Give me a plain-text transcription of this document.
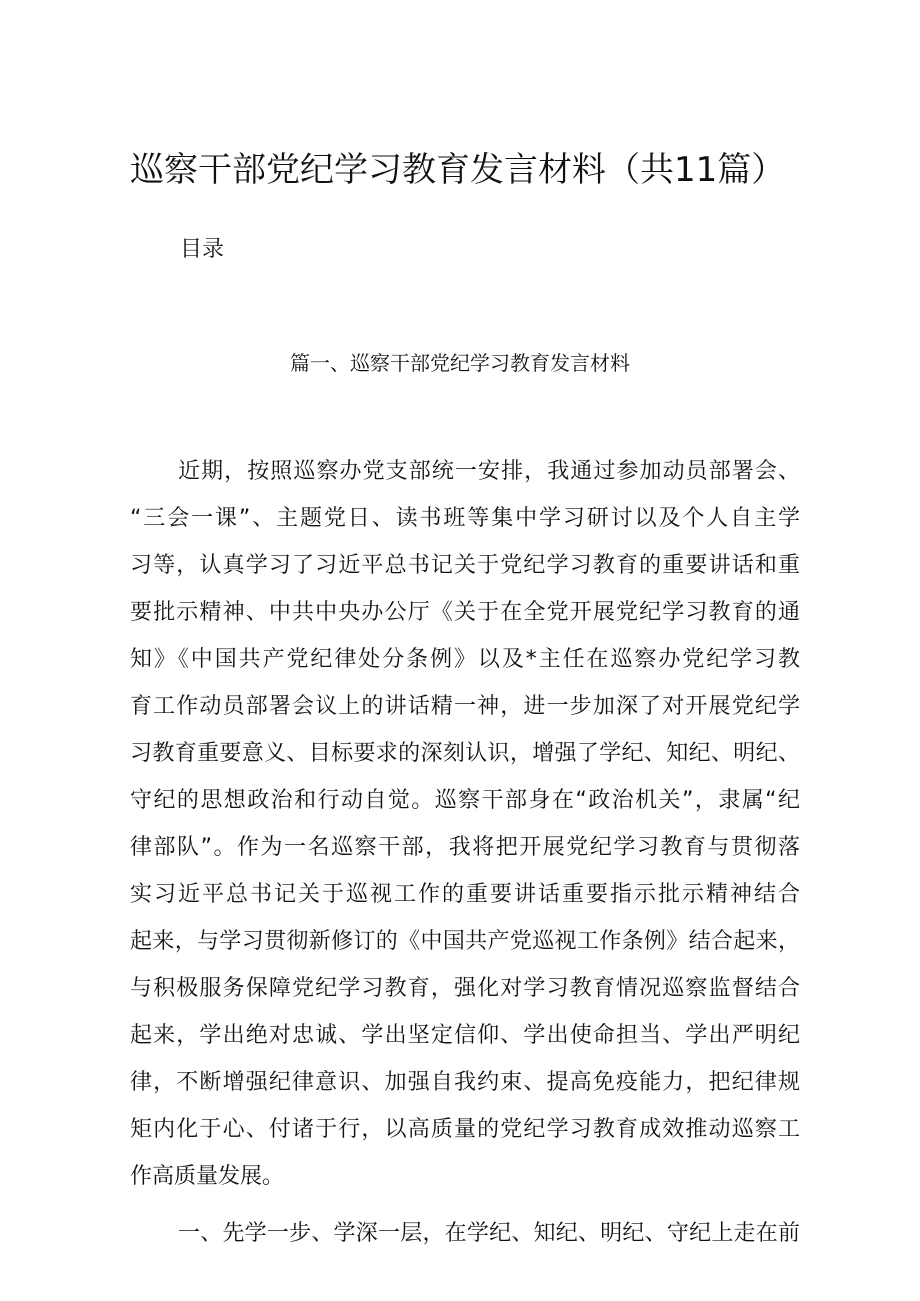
巡察干部党纪学习教育发言材料（共11篇）
目录
篇一、巡察干部党纪学习教育发言材料
近期，按照巡察办党支部统一安排，我通过参加动员部署会、
“三会一课”、主题党日、读书班等集中学习研讨以及个人自主学
习等，认真学习了习近平总书记关于党纪学习教育的重要讲话和重
要批示精神、中共中央办公厅《关于在全党开展党纪学习教育的通
知》《中国共产党纪律处分条例》以及*主任在巡察办党纪学习教
育工作动员部署会议上的讲话精一神，进一步加深了对开展党纪学
习教育重要意义、目标要求的深刻认识，增强了学纪、知纪、明纪、
守纪的思想政治和行动自觉。巡察干部身在“政治机关”，隶属“纪
律部队”。作为一名巡察干部，我将把开展党纪学习教育与贯彻落
实习近平总书记关于巡视工作的重要讲话重要指示批示精神结合
起来，与学习贯彻新修订的《中国共产党巡视工作条例》结合起来，
与积极服务保障党纪学习教育，强化对学习教育情况巡察监督结合
起来，学出绝对忠诚、学出坚定信仰、学出使命担当、学出严明纪
律，不断增强纪律意识、加强自我约束、提高免疫能力，把纪律规
矩内化于心、付诸于行，以高质量的党纪学习教育成效推动巡察工
作高质量发展。
一、先学一步、学深一层，在学纪、知纪、明纪、守纪上走在前
